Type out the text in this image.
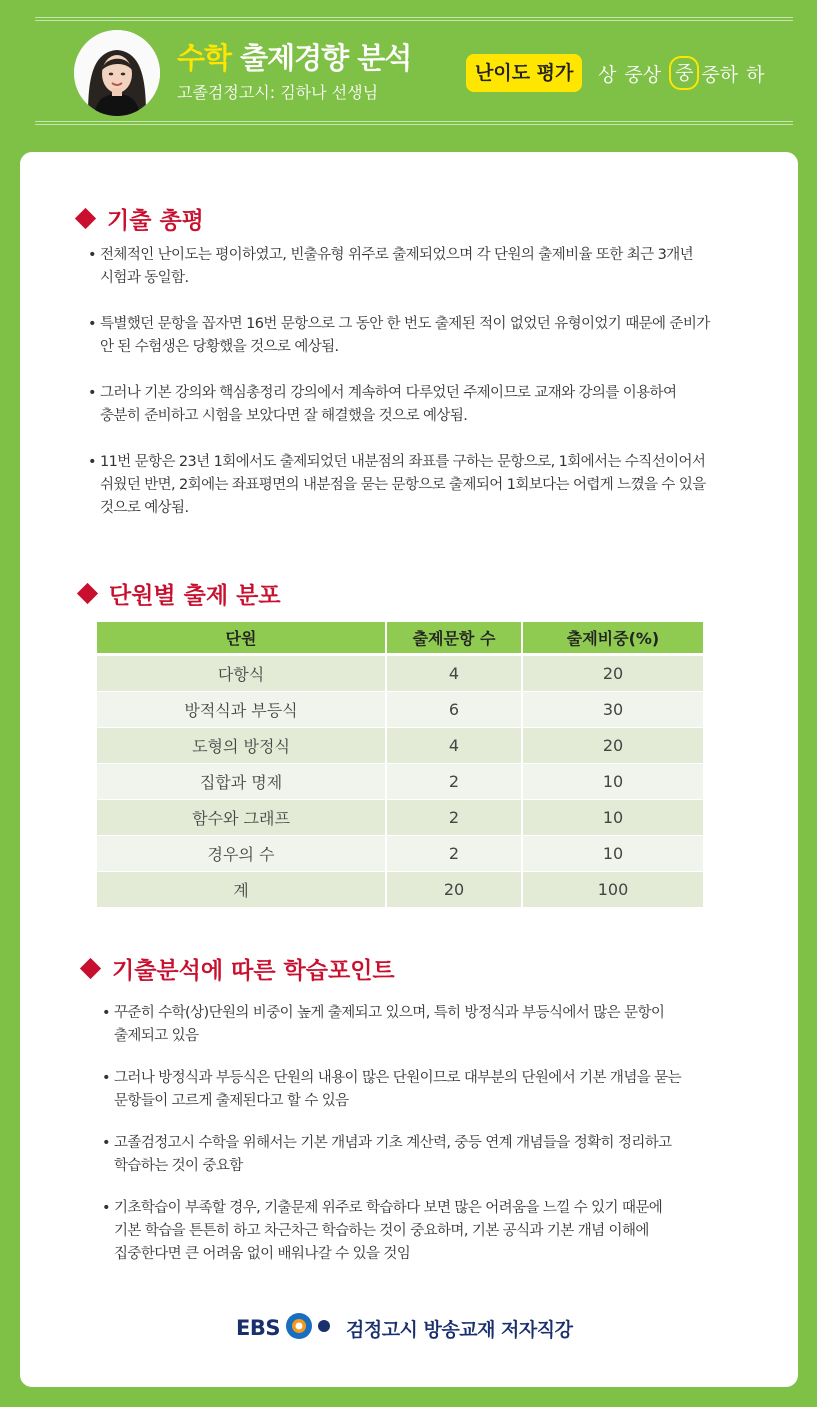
수학 출제경향 분석
고졸검정고시: 김하나 선생님
난이도 평가	상 중상 중 중하 하
기출 총평
• 전체적인 난이도는 평이하였고, 빈출유형 위주로 출제되었으며 각 단원의 출제비율 또한 최근 3개년
시험과 동일함.
• 특별했던 문항을 꼽자면 16번 문항으로 그 동안 한 번도 출제된 적이 없었던 유형이었기 때문에 준비가
안 된 수험생은 당황했을 것으로 예상됨.
• 그러나 기본 강의와 핵심총정리 강의에서 계속하여 다루었던 주제이므로 교재와 강의를 이용하여
충분히 준비하고 시험을 보았다면 잘 해결했을 것으로 예상됨.
• 11번 문항은 23년 1회에서도 출제되었던 내분점의 좌표를 구하는 문항으로, 1회에서는 수직선이어서
쉬웠던 반면, 2회에는 좌표평면의 내분점을 묻는 문항으로 출제되어 1회보다는 어렵게 느꼈을 수 있을
것으로 예상됨.
단원별 출제 분포
단원	출제문항 수	출제비중(%)
다항식	4	20
방적식과 부등식	6	30
도형의 방정식	4	20
집합과 명제	2	10
함수와 그래프	2	10
경우의 수	2	10
계	20	100
기출분석에 따른 학습포인트
• 꾸준히 수학(상)단원의 비중이 높게 출제되고 있으며, 특히 방정식과 부등식에서 많은 문항이
출제되고 있음
• 그러나 방정식과 부등식은 단원의 내용이 많은 단원이므로 대부분의 단원에서 기본 개념을 묻는
문항들이 고르게 출제된다고 할 수 있음
• 고졸검정고시 수학을 위해서는 기본 개념과 기초 계산력, 중등 연계 개념들을 정확히 정리하고
학습하는 것이 중요함
• 기초학습이 부족할 경우, 기출문제 위주로 학습하다 보면 많은 어려움을 느낄 수 있기 때문에
기본 학습을 튼튼히 하고 차근차근 학습하는 것이 중요하며, 기본 공식과 기본 개념 이해에
집중한다면 큰 어려움 없이 배워나갈 수 있을 것임
EBS	검정고시 방송교재 저자직강
